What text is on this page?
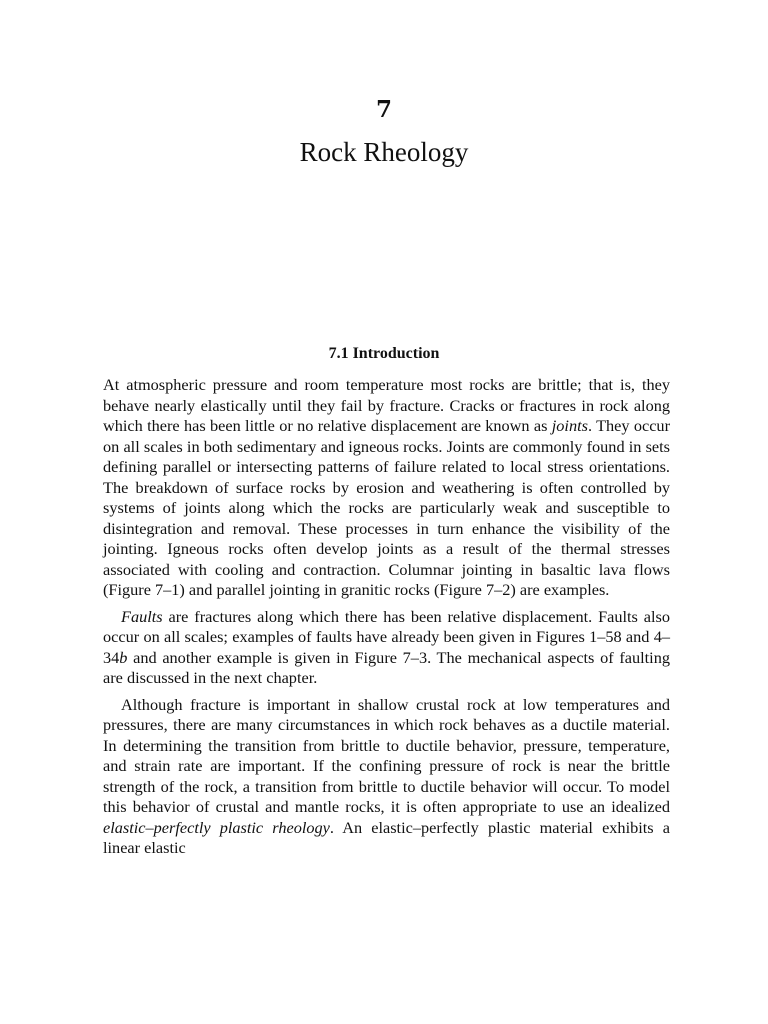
7
Rock Rheology
7.1 Introduction

At atmospheric pressure and room temperature most rocks are brittle; that is, they behave nearly elastically until they fail by fracture. Cracks or fractures in rock along which there has been little or no relative displacement are known as joints. They occur on all scales in both sedimentary and igneous rocks. Joints are commonly found in sets defining parallel or intersecting patterns of failure related to local stress orientations. The breakdown of surface rocks by erosion and weathering is often controlled by systems of joints along which the rocks are particularly weak and susceptible to disintegration and removal. These processes in turn enhance the visibility of the jointing. Igneous rocks often develop joints as a result of the thermal stresses associated with cooling and contraction. Columnar jointing in basaltic lava flows (Figure 7–1) and parallel jointing in granitic rocks (Figure 7–2) are examples.

Faults are fractures along which there has been relative displacement. Faults also occur on all scales; examples of faults have already been given in Figures 1–58 and 4–34b and another example is given in Figure 7–3. The mechanical aspects of faulting are discussed in the next chapter.

Although fracture is important in shallow crustal rock at low temperatures and pressures, there are many circumstances in which rock behaves as a ductile material. In determining the transition from brittle to ductile behavior, pressure, temperature, and strain rate are important. If the confining pressure of rock is near the brittle strength of the rock, a transition from brittle to ductile behavior will occur. To model this behavior of crustal and mantle rocks, it is often appropriate to use an idealized elastic–perfectly plastic rheology. An elastic–perfectly plastic material exhibits a linear elastic
